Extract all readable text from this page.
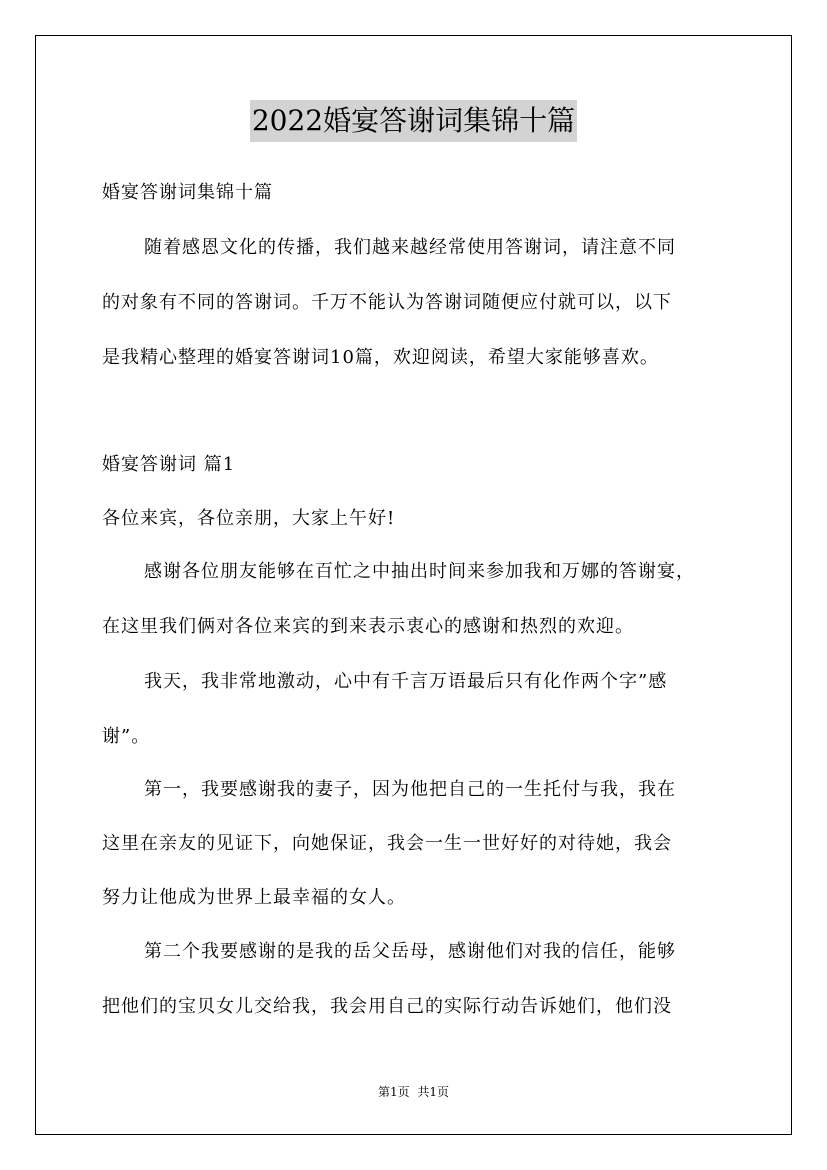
2022婚宴答谢词集锦十篇
婚宴答谢词集锦十篇
随着感恩文化的传播，我们越来越经常使用答谢词，请注意不同
的对象有不同的答谢词。千万不能认为答谢词随便应付就可以，以下
是我精心整理的婚宴答谢词10篇，欢迎阅读，希望大家能够喜欢。
婚宴答谢词 篇1
各位来宾，各位亲朋，大家上午好!
感谢各位朋友能够在百忙之中抽出时间来参加我和万娜的答谢宴，
在这里我们俩对各位来宾的到来表示衷心的感谢和热烈的欢迎。
我天，我非常地激动，心中有千言万语最后只有化作两个字”感
谢”。
第一，我要感谢我的妻子，因为他把自己的一生托付与我，我在
这里在亲友的见证下，向她保证，我会一生一世好好的对待她，我会
努力让他成为世界上最幸福的女人。
第二个我要感谢的是我的岳父岳母，感谢他们对我的信任，能够
把他们的宝贝女儿交给我，我会用自己的实际行动告诉她们，他们没
第1页 共1页
